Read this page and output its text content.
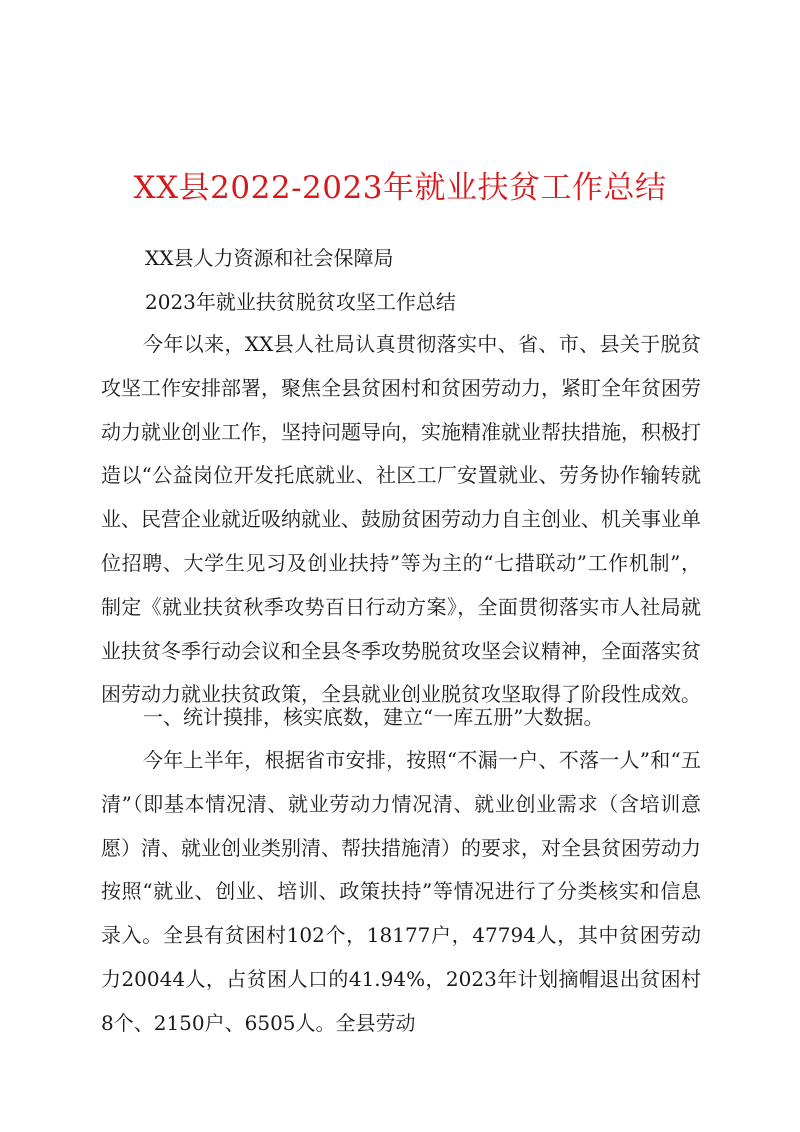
XX县2022-2023年就业扶贫工作总结
XX县人力资源和社会保障局
2023年就业扶贫脱贫攻坚工作总结

今年以来，XX县人社局认真贯彻落实中、省、市、县关于脱贫攻坚工作安排部署，聚焦全县贫困村和贫困劳动力，紧盯全年贫困劳动力就业创业工作，坚持问题导向，实施精准就业帮扶措施，积极打造以“公益岗位开发托底就业、社区工厂安置就业、劳务协作输转就业、民营企业就近吸纳就业、鼓励贫困劳动力自主创业、机关事业单位招聘、大学生见习及创业扶持”等为主的“七措联动”工作机制”，制定《就业扶贫秋季攻势百日行动方案》，全面贯彻落实市人社局就业扶贫冬季行动会议和全县冬季攻势脱贫攻坚会议精神，全面落实贫困劳动力就业扶贫政策，全县就业创业脱贫攻坚取得了阶段性成效。

一、统计摸排，核实底数，建立“一库五册”大数据。

今年上半年，根据省市安排，按照“不漏一户、不落一人”和“五清”（即基本情况清、就业劳动力情况清、就业创业需求（含培训意愿）清、就业创业类别清、帮扶措施清）的要求，对全县贫困劳动力按照“就业、创业、培训、政策扶持”等情况进行了分类核实和信息录入。全县有贫困村102个，18177户，47794人，其中贫困劳动力20044人，占贫困人口的41.94%，2023年计划摘帽退出贫困村8个、2150户、6505人。全县劳动
